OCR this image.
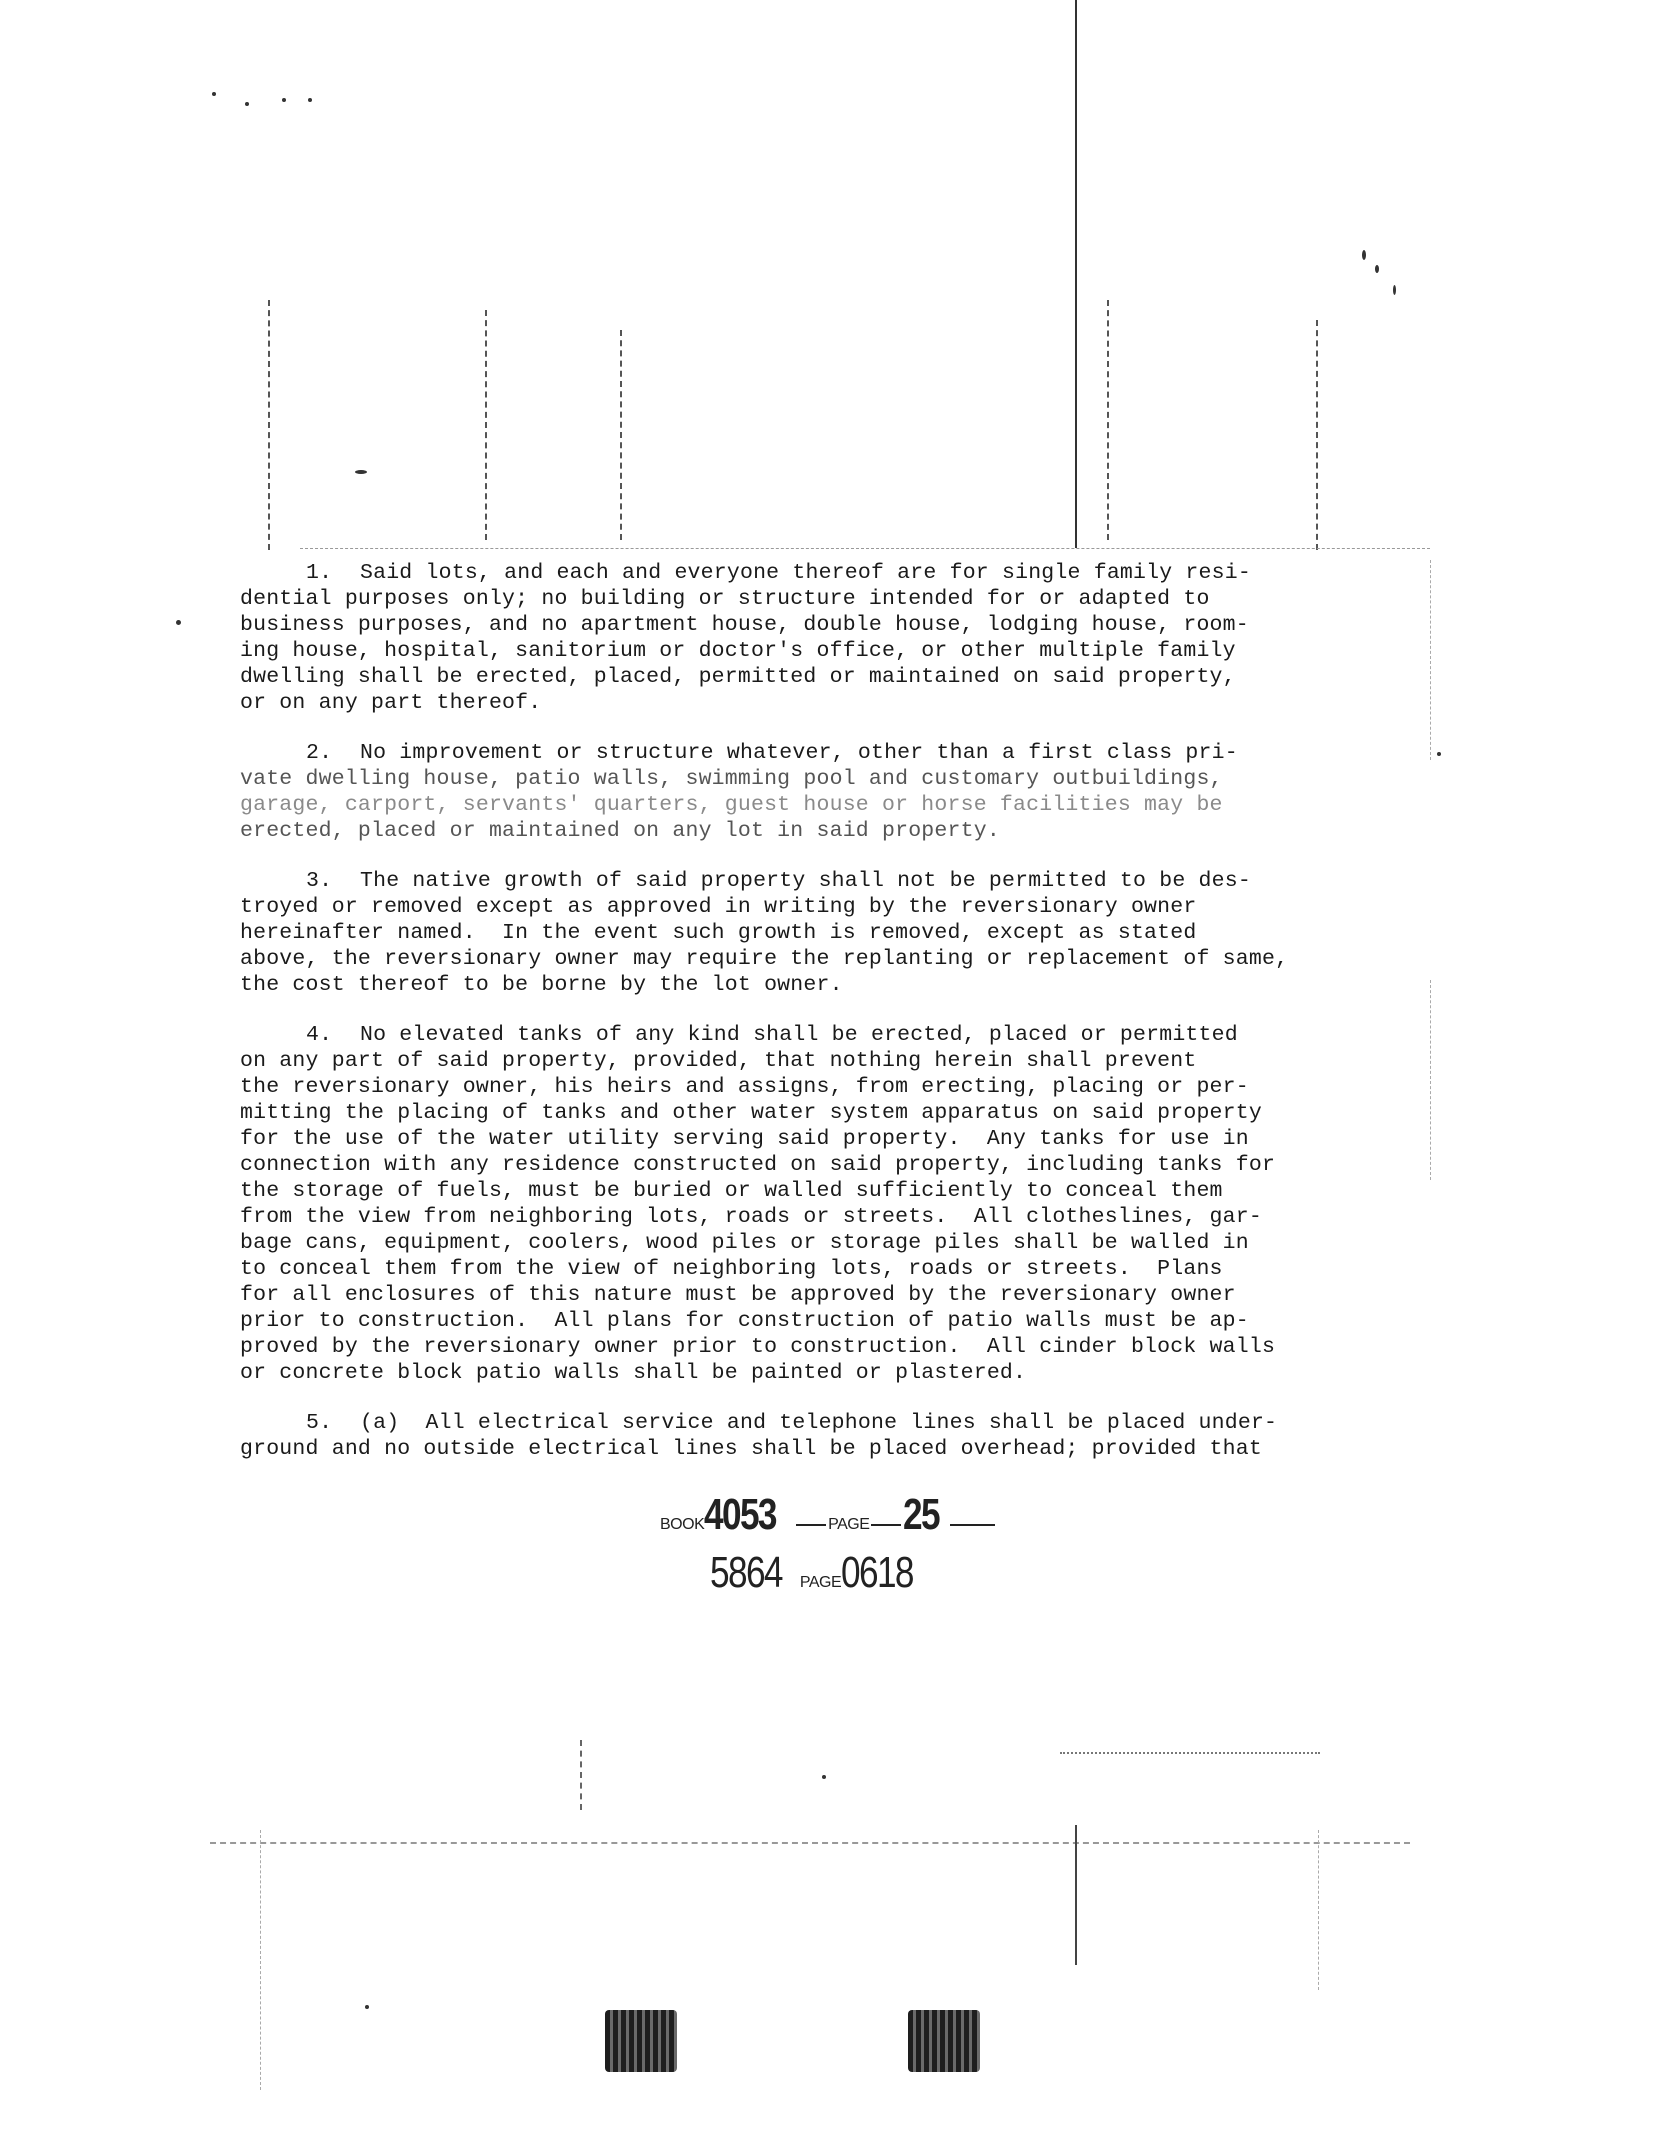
1. Said lots, and each and everyone thereof are for single family resi-
dential purposes only; no building or structure intended for or adapted to
business purposes, and no apartment house, double house, lodging house, room-
ing house, hospital, sanitorium or doctor's office, or other multiple family
dwelling shall be erected, placed, permitted or maintained on said property,
or on any part thereof.
2. No improvement or structure whatever, other than a first class pri-
vate dwelling house, patio walls, swimming pool and customary outbuildings,
garage, carport, servants' quarters, guest house or horse facilities may be
erected, placed or maintained on any lot in said property.
3. The native growth of said property shall not be permitted to be des-
troyed or removed except as approved in writing by the reversionary owner
hereinafter named.  In the event such growth is removed, except as stated
above, the reversionary owner may require the replanting or replacement of same,
the cost thereof to be borne by the lot owner.
4. No elevated tanks of any kind shall be erected, placed or permitted
on any part of said property, provided, that nothing herein shall prevent
the reversionary owner, his heirs and assigns, from erecting, placing or per-
mitting the placing of tanks and other water system apparatus on said property
for the use of the water utility serving said property.  Any tanks for use in
connection with any residence constructed on said property, including tanks for
the storage of fuels, must be buried or walled sufficiently to conceal them
from the view from neighboring lots, roads or streets.  All clotheslines, gar-
bage cans, equipment, coolers, wood piles or storage piles shall be walled in
to conceal them from the view of neighboring lots, roads or streets.  Plans
for all enclosures of this nature must be approved by the reversionary owner
prior to construction.  All plans for construction of patio walls must be ap-
proved by the reversionary owner prior to construction.  All cinder block walls
or concrete block patio walls shall be painted or plastered.
5. (a)  All electrical service and telephone lines shall be placed under-
ground and no outside electrical lines shall be placed overhead; provided that
BOOK4053	PAGE 25
5864 PAGE0618
